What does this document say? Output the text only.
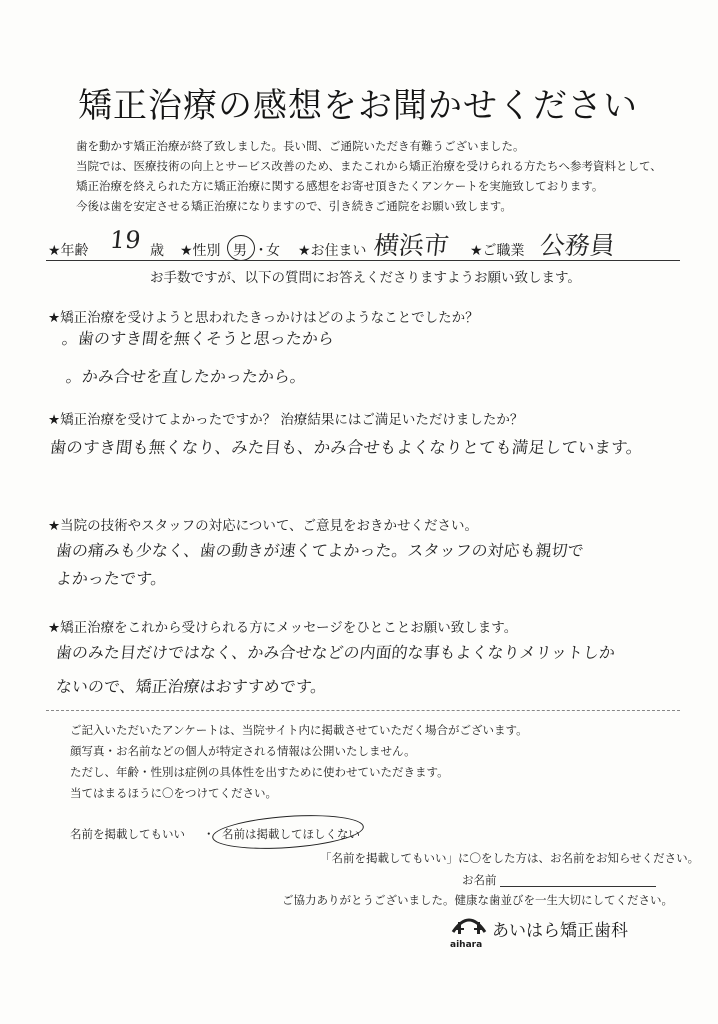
矯正治療の感想をお聞かせください
歯を動かす矯正治療が終了致しました。長い間、ご通院いただき有難うございました。
当院では、医療技術の向上とサービス改善のため、またこれから矯正治療を受けられる方たちへ参考資料として、
矯正治療を終えられた方に矯正治療に関する感想をお寄せ頂きたくアンケートを実施致しております。
今後は歯を安定させる矯正治療になりますので、引き続きご通院をお願い致します。
★年齢 19 歳 ★性別 男 ・
女 ★お住まい 横浜市 ★ご職業 公務員
お手数ですが、以下の質問にお答えくださりますようお願い致します。
★矯正治療を受けようと思われたきっかけはどのようなことでしたか？
。歯のすき間を無くそうと思ったから
。かみ合せを直したかったから。
★矯正治療を受けてよかったですか？ 治療結果にはご満足いただけましたか？
歯のすき間も無くなり、みた目も、かみ合せもよくなりとても満足しています。
★当院の技術やスタッフの対応について、ご意見をおきかせください。
歯の痛みも少なく、歯の動きが速くてよかった。スタッフの対応も親切で
よかったです。
★矯正治療をこれから受けられる方にメッセージをひとことお願い致します。
歯のみた目だけではなく、かみ合せなどの内面的な事もよくなりメリットしか
ないので、矯正治療はおすすめです。
ご記入いただいたアンケートは、当院サイト内に掲載させていただく場合がございます。
顔写真・お名前などの個人が特定される情報は公開いたしません。
ただし、年齢・性別は症例の具体性を出すために使わせていただきます。
当てはまるほうに〇をつけてください。
名前を掲載してもいい ・ 名前は掲載してほしくない
「名前を掲載してもいい」に〇をした方は、お名前をお知らせください。
お名前
ご協力ありがとうございました。健康な歯並びを一生大切にしてください。
aihara
あいはら矯正歯科
